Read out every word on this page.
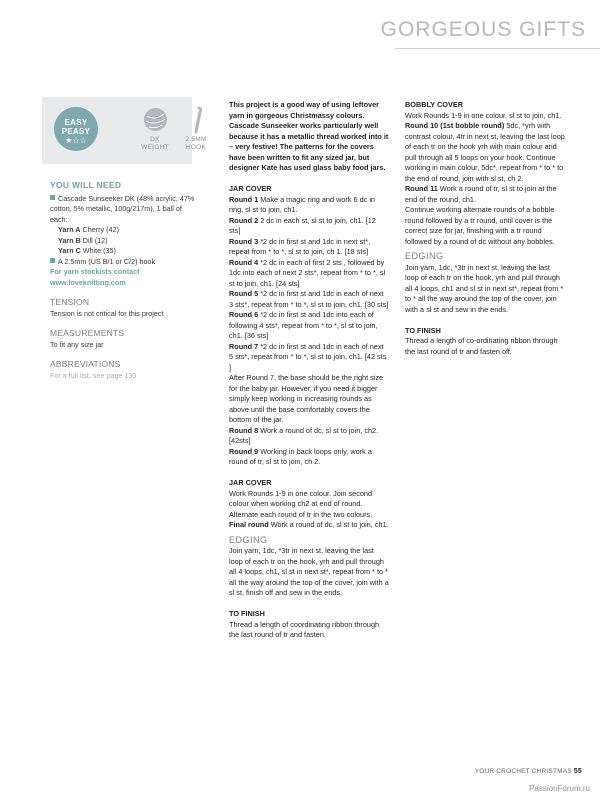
GORGEOUS GIFTS
EASY
PEASY
★☆☆	DK
WEIGHT
2.5MM
HOOK
YOU WILL NEED
Cascade Sunseeker DK (48% acrylic, 47% cotton, 5% metallic, 100g/217m), 1 ball of each:
Yarn A Cherry (42)
Yarn B Dill (12)
Yarn C White (35)
A 2.5mm (US B/1 or C/2) hook
For yarn stockists contact
www.loveknitting.com
TENSION
Tension is not critical for this project
MEASUREMENTS
To fit any size jar
ABBREVIATIONS
For a full list, see page 130

This project is a good way of using leftover yarn in gorgeous Christmassy colours. Cascade Sunseeker works particularly well because it has a metallic thread worked into it – very festive! The patterns for the covers have been written to fit any sized jar, but designer Kate has used glass baby food jars.

JAR COVER

Round 1 Make a magic ring and work 6 dc in ring, sl st to join, ch1.

Round 2 2 dc in each st, sl st to join, ch1. [12 sts]

Round 3 *2 dc in first st and 1dc in next st*, repeat from * to *, sl st to join, ch 1. [18 sts]

Round 4 *2 dc in each of first 2 sts , followed by 1dc into each of next 2 sts*, repeat from * to *, sl st to join, ch1. [24 sts]

Round 5 *2 dc in first st and 1dc in each of next 3 sts*, repeat from * to *, sl st to join, ch1. [30 sts]

Round 6 *2 dc in first st and 1dc into each of following 4 sts*, repeat from * to *, sl st to join, ch1. [36 sts]

Round 7 *2 dc in first st and 1dc in each of next 5 sts*, repeat from * to *, sl st to join, ch1. [42 sts ]

After Round 7, the base should be the right size for the baby jar. However, if you need it bigger simply keep working in increasing rounds as above until the base comfortably covers the bottom of the jar.

Round 8 Work a round of dc, sl st to join, ch2. [42sts]

Round 9 Working in back loops only, work a round of tr, sl st to join, ch 2.

JAR COVER

Work Rounds 1-9 in one colour. Join second colour when working ch2 at end of round. Alternate each round of tr in the two colours.

Final round Work a round of dc, sl st to join, ch1.

EDGING

Join yarn, 1dc, *3tr in next st, leaving the last loop of each tr on the hook, yrh and pull through all 4 loops, ch1, sl st in next st*, repeat from * to * all the way around the top of the cover, join with a sl st, finish off and sew in the ends.

TO FINISH

Thread a length of coordinating ribbon through the last round of tr and fasten.

BOBBLY COVER

Work Rounds 1-9 in one colour, sl st to join, ch1.

Round 10 (1st bobble round) 5dc, *yrh with contrast colour, 4tr in next st, leaving the last loop of each tr on the hook yrh with main colour and pull through all 5 loops on your hook. Continue working in main colour, 5dc*, repeat from * to * to the end of round, join with sl st, ch 2.

Round 11 Work a round of tr, sl st to join at the end of the round, ch1.

Continue working alternate rounds of a bobble round followed by a tr round, until cover is the correct size for jar, finishing with a tr round followed by a round of dc without any bobbles.

EDGING

Join yarn, 1dc, *3tr in next st, leaving the last loop of each tr on the hook, yrh and pull through all 4 loops, ch1 and sl st in next st*, repeat from * to * all the way around the top of the cover, join with a sl st and sew in the ends.

TO FINISH

Thread a length of co-ordinating ribbon through the last round of tr and fasten off.

YOUR CROCHET CHRISTMAS 55
PassionForum.ru
